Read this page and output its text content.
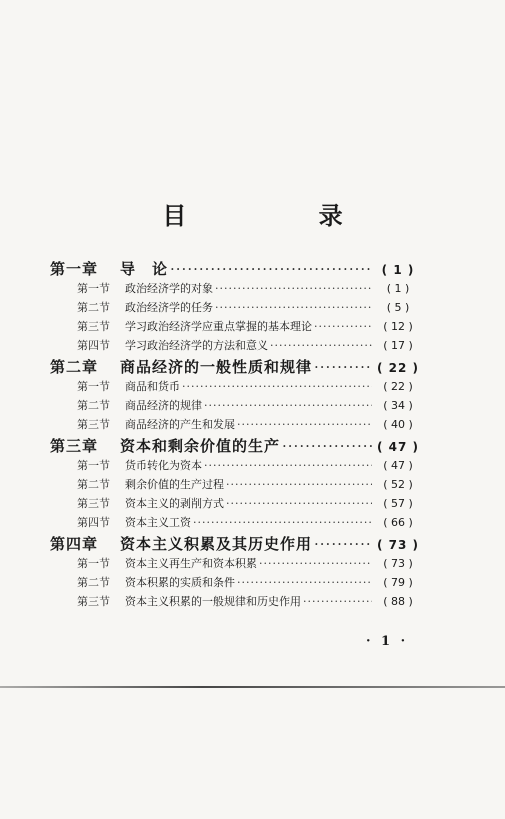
目 录
第一章	导　论 ·····	( 1 )
第一节	政治经济学的对象 ·····	( 1 )
第二节	政治经济学的任务 ·····	( 5 )
第三节	学习政治经济学应重点掌握的基本理论 ·····	( 12 )
第四节	学习政治经济学的方法和意义 ·····	( 17 )
第二章	商品经济的一般性质和规律 ·····	( 22 )
第一节	商品和货币 ·····	( 22 )
第二节	商品经济的规律 ·····	( 34 )
第三节	商品经济的产生和发展 ·····	( 40 )
第三章	资本和剩余价值的生产 ·····	( 47 )
第一节	货币转化为资本 ·····	( 47 )
第二节	剩余价值的生产过程 ·····	( 52 )
第三节	资本主义的剥削方式 ·····	( 57 )
第四节	资本主义工资 ·····	( 66 )
第四章	资本主义积累及其历史作用 ·····	( 73 )
第一节	资本主义再生产和资本积累 ·····	( 73 )
第二节	资本积累的实质和条件 ·····	( 79 )
第三节	资本主义积累的一般规律和历史作用 ·····	( 88 )
· 1 ·
